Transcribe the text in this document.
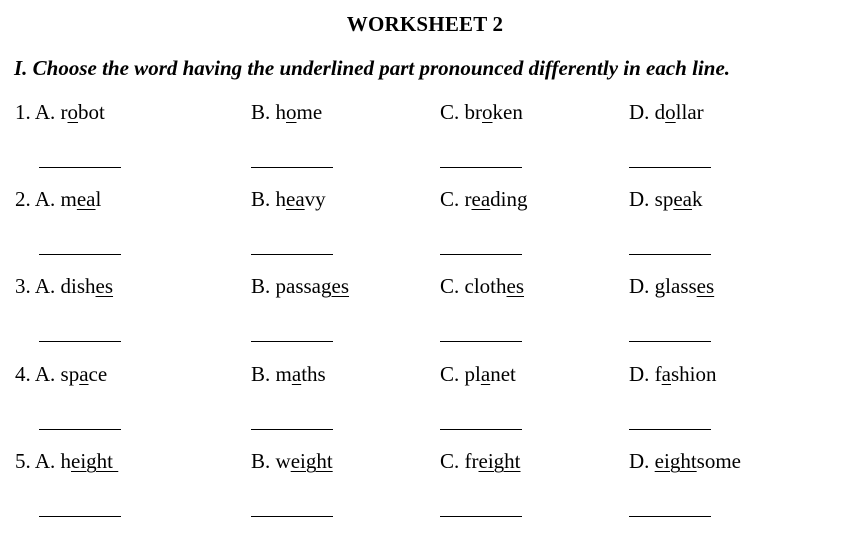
WORKSHEET 2
I. Choose the word having the underlined part pronounced differently in each line.
1. A. robot	B. home	C. broken	D. dollar
2. A. meal	B. heavy	C. reading	D. speak
3. A. dishes	B. passages	C. clothes	D. glasses
4. A. space	B. maths	C. planet	D. fashion
5. A. height	B. weight	C. freight	D. eightsome
